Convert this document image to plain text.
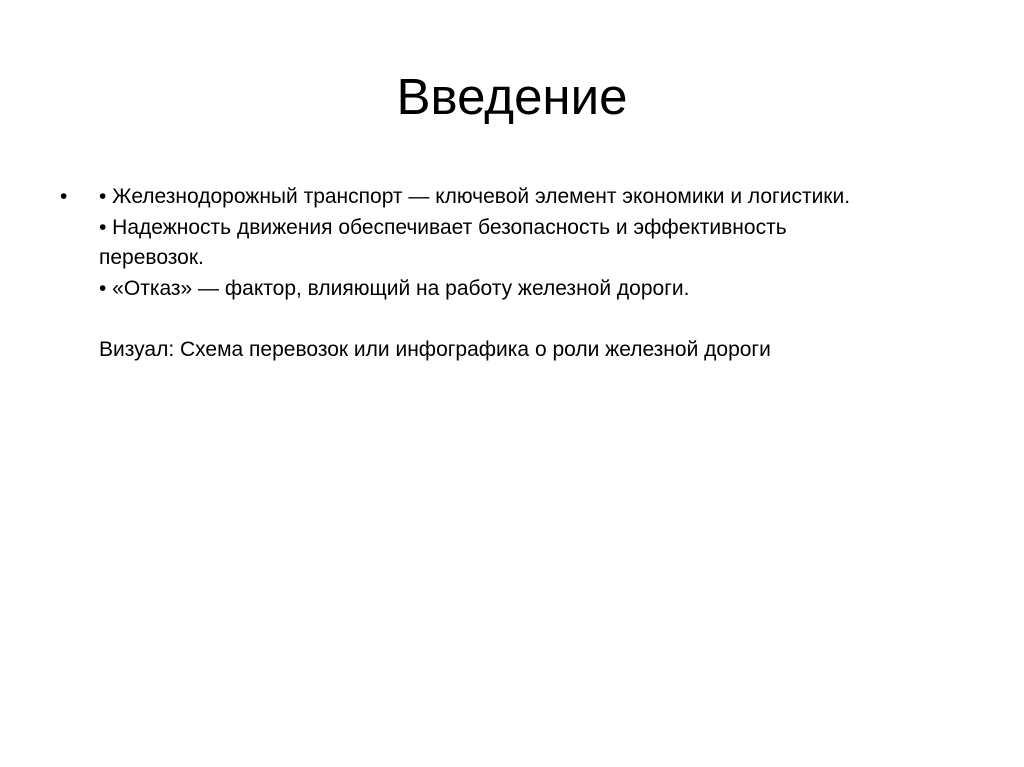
Введение
• • Железнодорожный транспорт — ключевой элемент экономики и логистики.
• Надежность движения обеспечивает безопасность и эффективность
перевозок.
• «Отказ» — фактор, влияющий на работу железной дороги.
Визуал: Схема перевозок или инфографика о роли железной дороги
